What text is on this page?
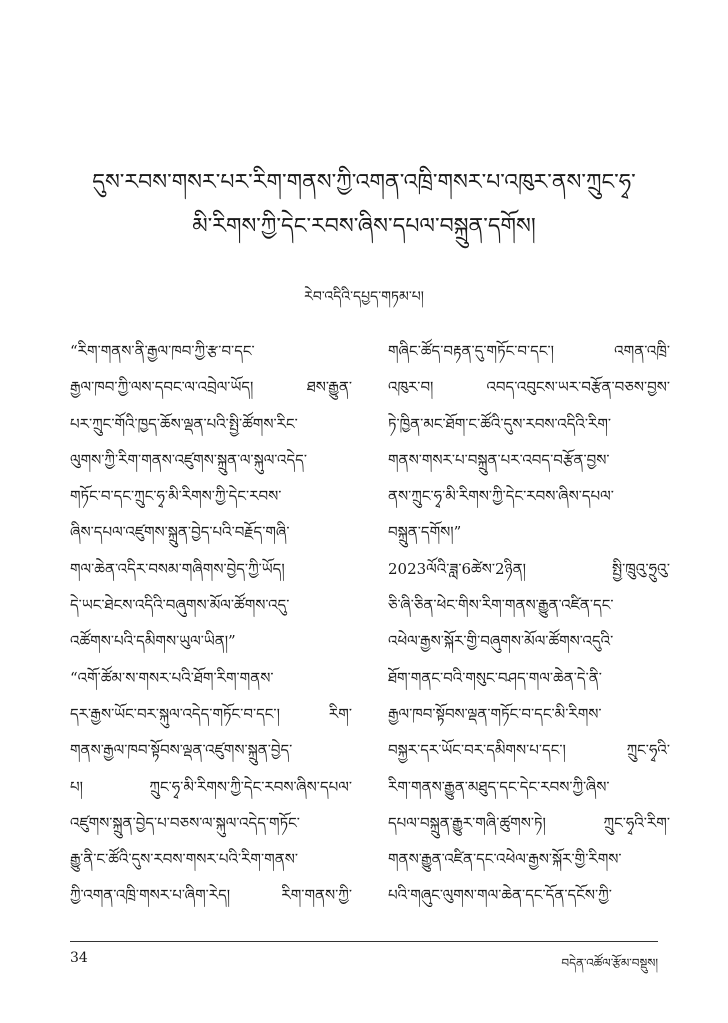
དུས་རབས་གསར་པར་རིག་གནས་ཀྱི་འགན་འཁྲི་གསར་པ་འཁུར་ནས་ཀྲུང་ཧྭ་
མི་རིགས་ཀྱི་དེང་རབས་ཞིས་དཔལ་བསྐྲུན་དགོས།
རེབ་འདིའི་དཔྱད་གཏམ་པ།
“རིག་གནས་ནི་རྒྱལ་ཁབ་ཀྱི་རྩ་བ་དང་
རྒྱལ་ཁབ་ཀྱི་ལས་དབང་ལ་འབྲེལ་ཡོད། ཐས་རྒྱུན་
པར་ཀྲུང་གོའི་ཁྱད་ཆོས་ལྡན་པའི་སྤྱི་ཚོགས་རིང་
ལུགས་ཀྱི་རིག་གནས་འཛུགས་སྐྲུན་ལ་སྐུལ་འདེད་
གཏོང་བ་དང་ཀྲུང་ཧྭ་མི་རིགས་ཀྱི་དེང་རབས་
ཞིས་དཔལ་འཛུགས་སྐྲུན་བྱེད་པའི་བརྗོད་གཞི་
གལ་ཆེན་འདིར་བསམ་གཞིགས་བྱེད་ཀྱི་ཡོད།
དེ་ཡང་ཐེངས་འདིའི་བཞུགས་མོལ་ཚོགས་འདུ་
འཚོགས་པའི་དམིགས་ཡུལ་ཡིན།”
“འགོ་ཚོམ་ས་གསར་པའི་ཐོག་རིག་གནས་
དར་རྒྱས་ཡོང་བར་སྐུལ་འདེད་གཏོང་བ་དང་། རིག་
གནས་རྒྱལ་ཁབ་སྟོབས་ལྡན་འཛུགས་སྐྲུན་བྱེད་
པ། ཀྲུང་ཧྭ་མི་རིགས་ཀྱི་དེང་རབས་ཞིས་དཔལ་
འཛུགས་སྐྲུན་བྱེད་པ་བཅས་ལ་སྐུལ་འདེད་གཏོང་
རྒྱུ་ནི་ང་ཚོའི་དུས་རབས་གསར་པའི་རིག་གནས་
ཀྱི་འགན་འཁྲི་གསར་པ་ཞིག་རེད། རིག་གནས་ཀྱི་
གཞིང་ཚོད་བརྟན་དུ་གཏོང་བ་དང་། འགན་འཁྲི་
འཁུར་བ། འབད་འབུངས་ཡར་བརྩོན་བཅས་བྱས་
ཏེ་ཁྱིན་མང་ཐོག་ང་ཚོའི་དུས་རབས་འདིའི་རིག་
གནས་གསར་པ་བསྐྲུན་པར་འབད་བརྩོན་བྱས་
ནས་ཀྲུང་ཧྭ་མི་རིགས་ཀྱི་དེང་རབས་ཞིས་དཔལ་
བསྐྲུན་དགོས།”
2023ལོའི་ཟླ་6ཚེས་2ཉིན། སྤྱི་ཁྲུའུ་ཧྲུའུ་
ཅི་ཞི་ཅིན་ཕེང་གིས་རིག་གནས་རྒྱུན་འཛིན་དང་
འཕེལ་རྒྱས་སྐོར་གྱི་བཞུགས་མོལ་ཚོགས་འདུའི་
ཐོག་གནང་བའི་གསུང་བཤད་གལ་ཆེན་དེ་ནི་
རྒྱལ་ཁབ་སྟོབས་ལྡན་གཏོང་བ་དང་མི་རིགས་
བསྐྱར་དར་ཡོང་བར་དམིགས་པ་དང་། ཀྲུང་ཧྭའི་
རིག་གནས་རྒྱུན་མཐུད་དང་དེང་རབས་ཀྱི་ཞིས་
དཔལ་བསྐྲུན་རྒྱུར་གཞི་ཚུགས་ཏེ། ཀྲུང་ཧྭའི་རིག་
གནས་རྒྱུན་འཛིན་དང་འཕེལ་རྒྱས་སྐོར་གྱི་རིགས་
པའི་གཞུང་ལུགས་གལ་ཆེན་དང་དོན་དངོས་ཀྱི་
34	བདེན་འཚོལ་རྩོམ་བསྡུས།
